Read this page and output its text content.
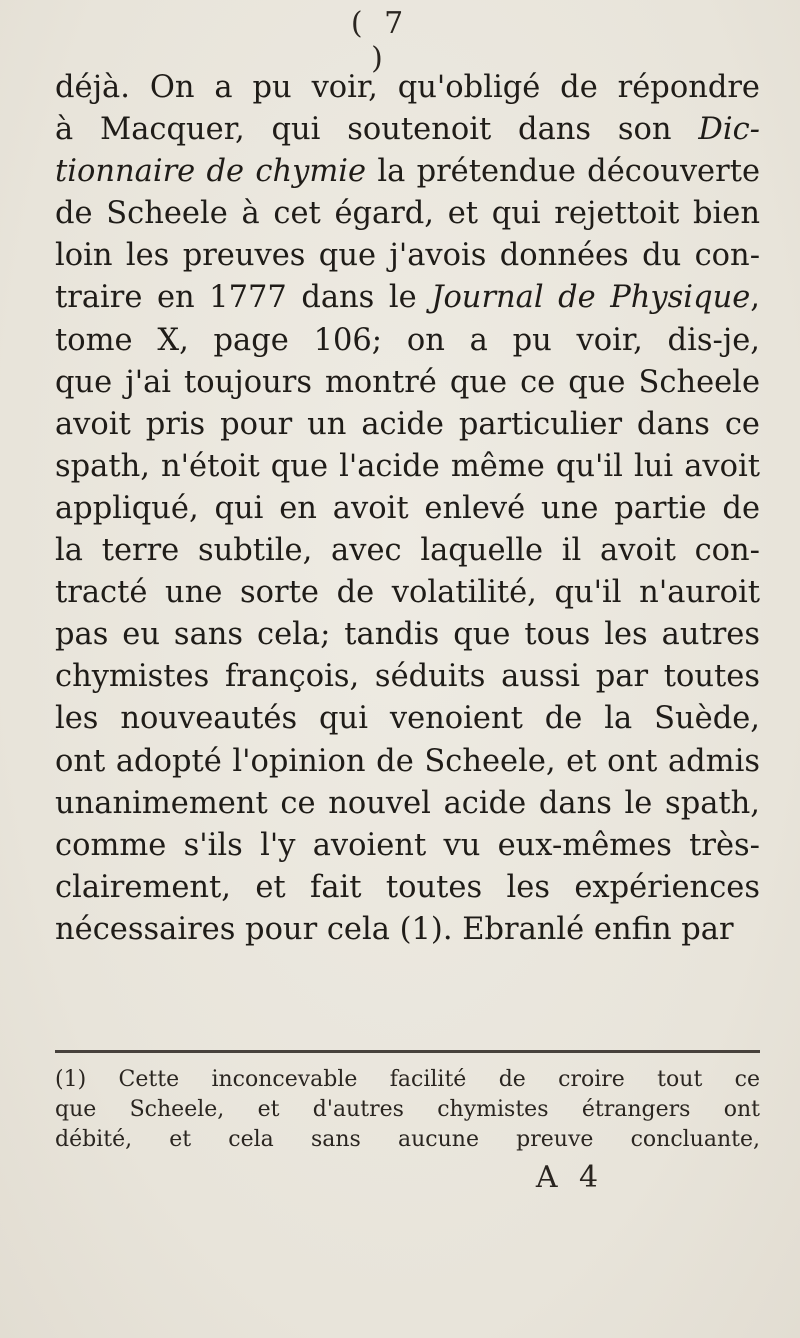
( 7 )
déjà. On a pu voir, qu'obligé de répondre
à Macquer, qui soutenoit dans son Dic-
tionnaire de chymie la prétendue découverte
de Scheele à cet égard, et qui rejettoit bien
loin les preuves que j'avois données du con-
traire en 1777 dans le Journal de Physique,
tome X, page 106; on a pu voir, dis-je,
que j'ai toujours montré que ce que Scheele
avoit pris pour un acide particulier dans ce
spath, n'étoit que l'acide même qu'il lui avoit
appliqué, qui en avoit enlevé une partie de
la terre subtile, avec laquelle il avoit con-
tracté une sorte de volatilité, qu'il n'auroit
pas eu sans cela; tandis que tous les autres
chymistes françois, séduits aussi par toutes
les nouveautés qui venoient de la Suède,
ont adopté l'opinion de Scheele, et ont admis
unanimement ce nouvel acide dans le spath,
comme s'ils l'y avoient vu eux-mêmes très-
clairement, et fait toutes les expériences
nécessaires pour cela (1). Ebranlé enfin par
(1) Cette inconcevable facilité de croire tout ce
que Scheele, et d'autres chymistes étrangers ont
débité, et cela sans aucune preuve concluante,
A 4
